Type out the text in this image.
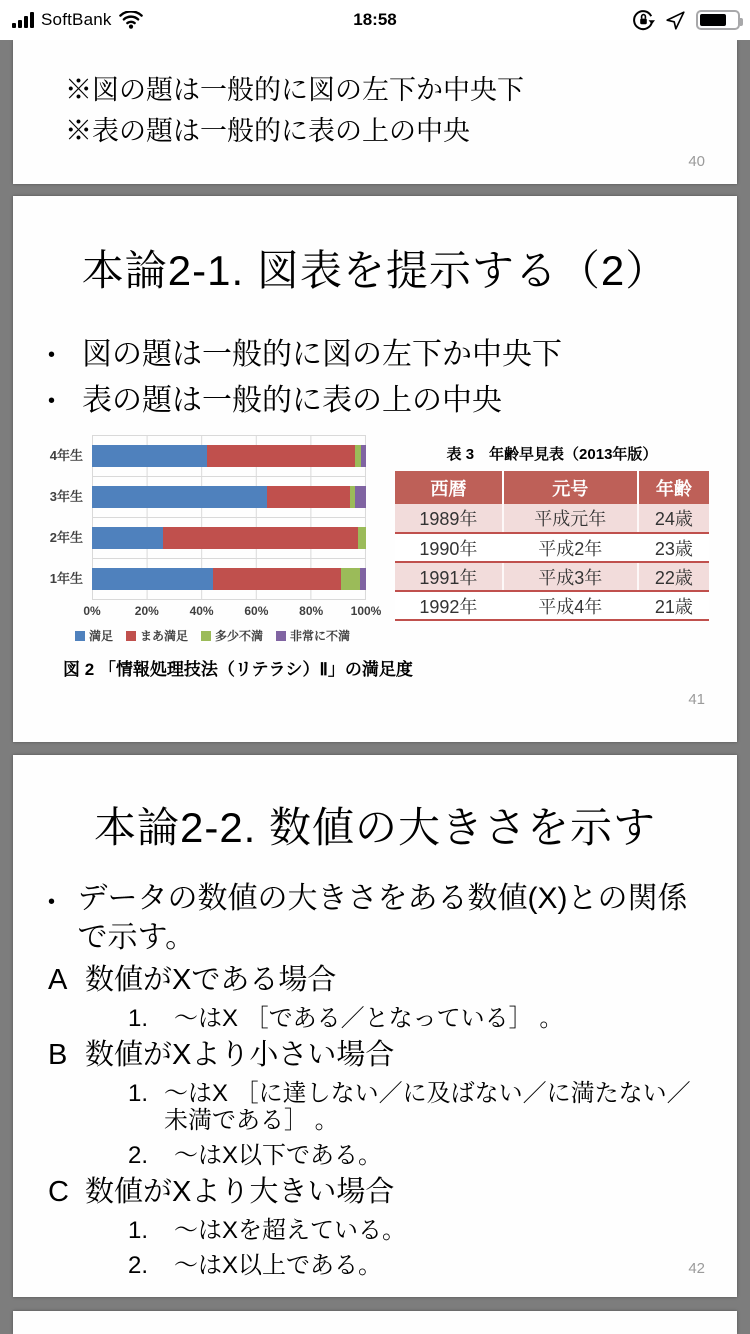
SoftBank	18:58
※図の題は一般的に図の左下か中央下
※表の題は一般的に表の上の中央
40
本論2-1. 図表を提示する（2）
• 図の題は一般的に図の左下か中央下
• 表の題は一般的に表の上の中央
4年生
3年生
2年生
1年生
0%	20%	40%	60%	80% 100%
満足 まあ満足 多少不満 非常に不満
図 2 「情報処理技法（リテラシ）Ⅱ」の満足度
表 3　年齢早見表（2013年版）
西暦	元号	年齢
1989年	平成元年	24歳
1990年	平成2年	23歳
1991年	平成3年	22歳
1992年	平成4年	21歳
41
本論2-2. 数値の大きさを示す
• データの数値の大きさをある数値(X)との関係で示す。
A 数値がXである場合
1.	～はX ［である／となっている］ 。
B 数値がXより小さい場合
1. ～はX ［に達しない／に及ばない／に満たない／未満である］ 。
2.	～はX以下である。
C 数値がXより大きい場合
1.	～はXを超えている。
2.	～はX以上である。	42
